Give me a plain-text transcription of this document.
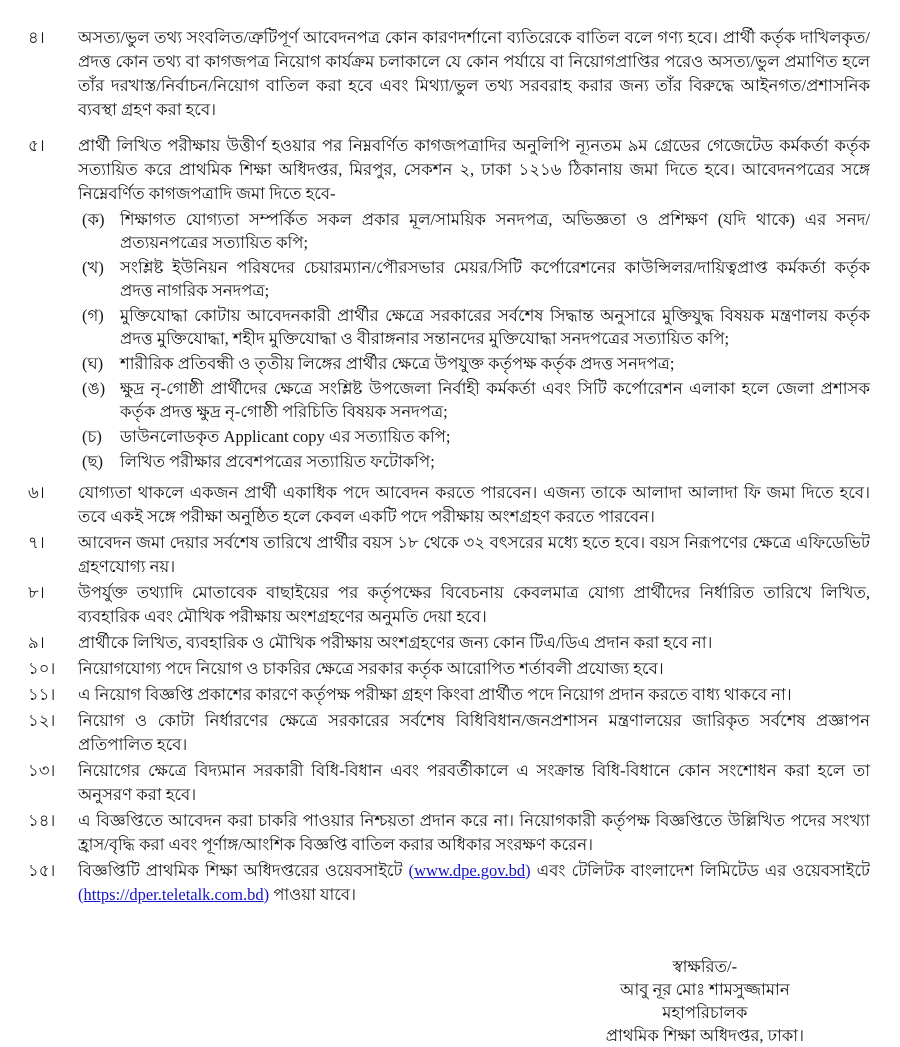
৪।	অসত্য/ভুল তথ্য সংবলিত/ত্রুটিপূর্ণ আবেদনপত্র কোন কারণদর্শানো ব্যতিরেকে বাতিল বলে গণ্য হবে। প্রার্থী কর্তৃক দাখিলকৃত/প্রদত্ত কোন তথ্য বা কাগজপত্র নিয়োগ কার্যক্রম চলাকালে যে কোন পর্যায়ে বা নিয়োগপ্রাপ্তির পরেও অসত্য/ভুল প্রমাণিত হলে তাঁর দরখাস্ত/নির্বাচন/নিয়োগ বাতিল করা হবে এবং মিথ্যা/ভুল তথ্য সরবরাহ করার জন্য তাঁর বিরুদ্ধে আইনগত/প্রশাসনিক ব্যবস্থা গ্রহণ করা হবে।
৫।	প্রার্থী লিখিত পরীক্ষায় উত্তীর্ণ হওয়ার পর নিম্নবর্ণিত কাগজপত্রাদির অনুলিপি ন্যূনতম ৯ম গ্রেডের গেজেটেড কর্মকর্তা কর্তৃক সত্যায়িত করে প্রাথমিক শিক্ষা অধিদপ্তর, মিরপুর, সেকশন ২, ঢাকা ১২১৬ ঠিকানায় জমা দিতে হবে। আবেদনপত্রের সঙ্গে নিম্নেবর্ণিত কাগজপত্রাদি জমা দিতে হবে-
(ক) শিক্ষাগত যোগ্যতা সম্পর্কিত সকল প্রকার মূল/সাময়িক সনদপত্র, অভিজ্ঞতা ও প্রশিক্ষণ (যদি থাকে) এর সনদ/প্রত্যয়নপত্রের সত্যায়িত কপি;
(খ) সংশ্লিষ্ট ইউনিয়ন পরিষদের চেয়ারম্যান/পৌরসভার মেয়র/সিটি কর্পোরেশনের কাউন্সিলর/দায়িত্বপ্রাপ্ত কর্মকর্তা কর্তৃক প্রদত্ত নাগরিক সনদপত্র;
(গ) মুক্তিযোদ্ধা কোটায় আবেদনকারী প্রার্থীর ক্ষেত্রে সরকারের সর্বশেষ সিদ্ধান্ত অনুসারে মুক্তিযুদ্ধ বিষয়ক মন্ত্রণালয় কর্তৃক প্রদত্ত মুক্তিযোদ্ধা, শহীদ মুক্তিযোদ্ধা ও বীরাঙ্গনার সন্তানদের মুক্তিযোদ্ধা সনদপত্রের সত্যায়িত কপি;
(ঘ)	শারীরিক প্রতিবন্ধী ও তৃতীয় লিঙ্গের প্রার্থীর ক্ষেত্রে উপযুক্ত কর্তৃপক্ষ কর্তৃক প্রদত্ত সনদপত্র;
(ঙ) ক্ষুদ্র নৃ-গোষ্ঠী প্রার্থীদের ক্ষেত্রে সংশ্লিষ্ট উপজেলা নির্বাহী কর্মকর্তা এবং সিটি কর্পোরেশন এলাকা হলে জেলা প্রশাসক কর্তৃক প্রদত্ত ক্ষুদ্র নৃ-গোষ্ঠী পরিচিতি বিষয়ক সনদপত্র;
(চ)	ডাউনলোডকৃত Applicant copy এর সত্যায়িত কপি;
(ছ)	লিখিত পরীক্ষার প্রবেশপত্রের সত্যায়িত ফটোকপি;
৬।	যোগ্যতা থাকলে একজন প্রার্থী একাধিক পদে আবেদন করতে পারবেন। এজন্য তাকে আলাদা আলাদা ফি জমা দিতে হবে। তবে একই সঙ্গে পরীক্ষা অনুষ্ঠিত হলে কেবল একটি পদে পরীক্ষায় অংশগ্রহণ করতে পারবেন।
৭।	আবেদন জমা দেয়ার সর্বশেষ তারিখে প্রার্থীর বয়স ১৮ থেকে ৩২ বৎসরের মধ্যে হতে হবে। বয়স নিরূপণের ক্ষেত্রে এফিডেভিট গ্রহণযোগ্য নয়।
৮।	উপর্যুক্ত তথ্যাদি মোতাবেক বাছাইয়ের পর কর্তৃপক্ষের বিবেচনায় কেবলমাত্র যোগ্য প্রার্থীদের নির্ধারিত তারিখে লিখিত, ব্যবহারিক এবং মৌখিক পরীক্ষায় অংশগ্রহণের অনুমতি দেয়া হবে।
৯।	প্রার্থীকে লিখিত, ব্যবহারিক ও মৌখিক পরীক্ষায় অংশগ্রহণের জন্য কোন টিএ/ডিএ প্রদান করা হবে না।
১০।	নিয়োগযোগ্য পদে নিয়োগ ও চাকরির ক্ষেত্রে সরকার কর্তৃক আরোপিত শর্তাবলী প্রযোজ্য হবে।
১১।	এ নিয়োগ বিজ্ঞপ্তি প্রকাশের কারণে কর্তৃপক্ষ পরীক্ষা গ্রহণ কিংবা প্রার্থীত পদে নিয়োগ প্রদান করতে বাধ্য থাকবে না।
১২।	নিয়োগ ও কোটা নির্ধারণের ক্ষেত্রে সরকারের সর্বশেষ বিধিবিধান/জনপ্রশাসন মন্ত্রণালয়ের জারিকৃত সর্বশেষ প্রজ্ঞাপন প্রতিপালিত হবে।
১৩।	নিয়োগের ক্ষেত্রে বিদ্যমান সরকারী বিধি-বিধান এবং পরবর্তীকালে এ সংক্রান্ত বিধি-বিধানে কোন সংশোধন করা হলে তা অনুসরণ করা হবে।
১৪।	এ বিজ্ঞপ্তিতে আবেদন করা চাকরি পাওয়ার নিশ্চয়তা প্রদান করে না। নিয়োগকারী কর্তৃপক্ষ বিজ্ঞপ্তিতে উল্লিখিত পদের সংখ্যা হ্রাস/বৃদ্ধি করা এবং পূর্ণাঙ্গ/আংশিক বিজ্ঞপ্তি বাতিল করার অধিকার সংরক্ষণ করেন।
১৫।	বিজ্ঞপ্তিটি প্রাথমিক শিক্ষা অধিদপ্তরের ওয়েবসাইটে (www.dpe.gov.bd) এবং টেলিটক বাংলাদেশ লিমিটেড এর ওয়েবসাইটে (https://dper.teletalk.com.bd) পাওয়া যাবে।
স্বাক্ষরিত/-
আবু নূর মোঃ শামসুজ্জামান
মহাপরিচালক
প্রাথমিক শিক্ষা অধিদপ্তর, ঢাকা।
